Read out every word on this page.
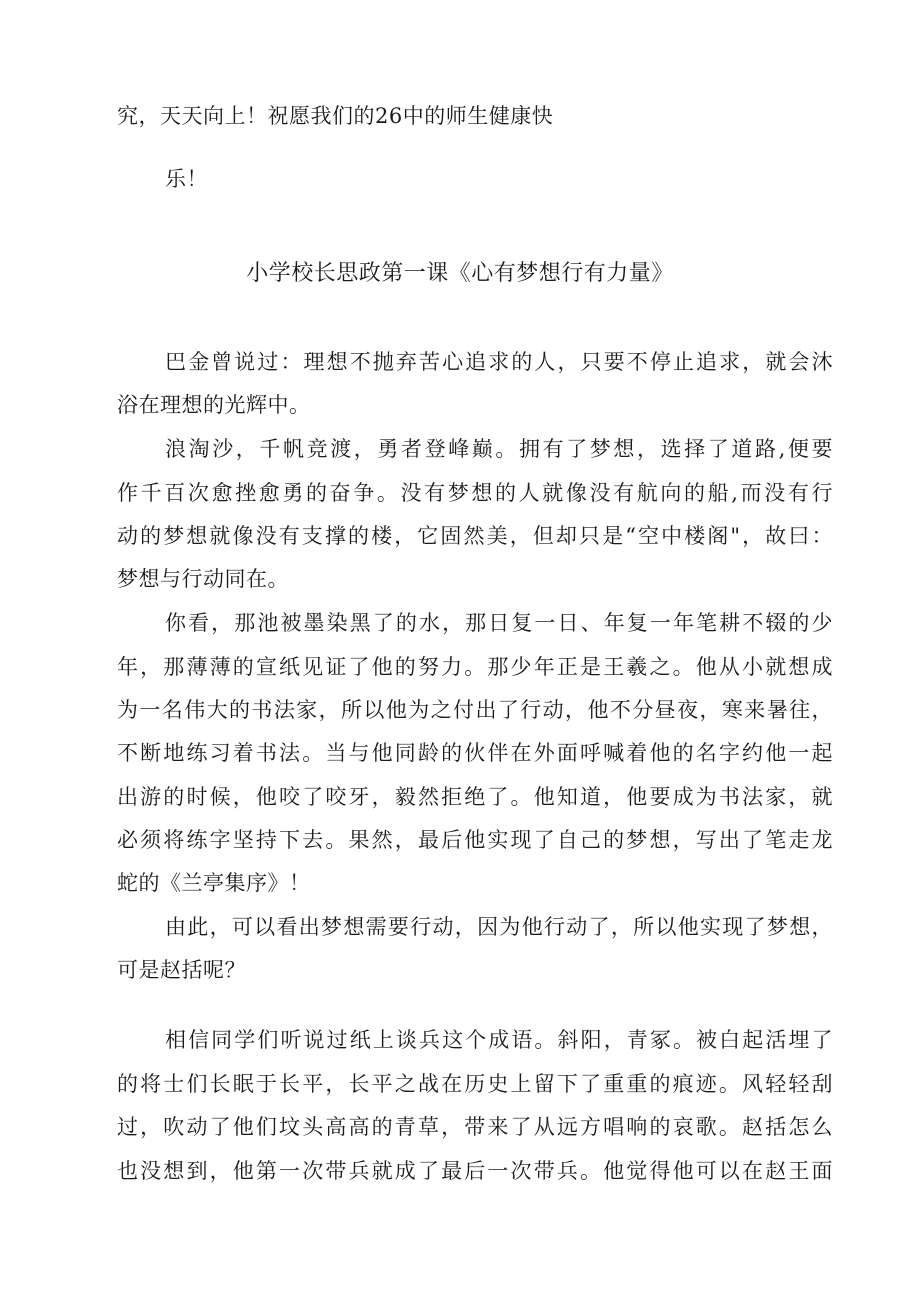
究，天天向上！祝愿我们的26中的师生健康快
乐！
小学校长思政第一课《心有梦想行有力量》
巴金曾说过：理想不抛弃苦心追求的人，只要不停止追求，就会沐
浴在理想的光辉中。
浪淘沙，千帆竞渡，勇者登峰巅。拥有了梦想，选择了道路,便要
作千百次愈挫愈勇的奋争。没有梦想的人就像没有航向的船,而没有行
动的梦想就像没有支撑的楼，它固然美，但却只是“空中楼阁"，故曰：
梦想与行动同在。
你看，那池被墨染黑了的水，那日复一日、年复一年笔耕不辍的少
年，那薄薄的宣纸见证了他的努力。那少年正是王羲之。他从小就想成
为一名伟大的书法家，所以他为之付出了行动，他不分昼夜，寒来暑往，
不断地练习着书法。当与他同龄的伙伴在外面呼喊着他的名字约他一起
出游的时候，他咬了咬牙，毅然拒绝了。他知道，他要成为书法家，就
必须将练字坚持下去。果然，最后他实现了自己的梦想，写出了笔走龙
蛇的《兰亭集序》！
由此，可以看出梦想需要行动，因为他行动了，所以他实现了梦想，
可是赵括呢？
相信同学们听说过纸上谈兵这个成语。斜阳，青冢。被白起活埋了
的将士们长眠于长平，长平之战在历史上留下了重重的痕迹。风轻轻刮
过，吹动了他们坟头高高的青草，带来了从远方唱响的哀歌。赵括怎么
也没想到，他第一次带兵就成了最后一次带兵。他觉得他可以在赵王面
